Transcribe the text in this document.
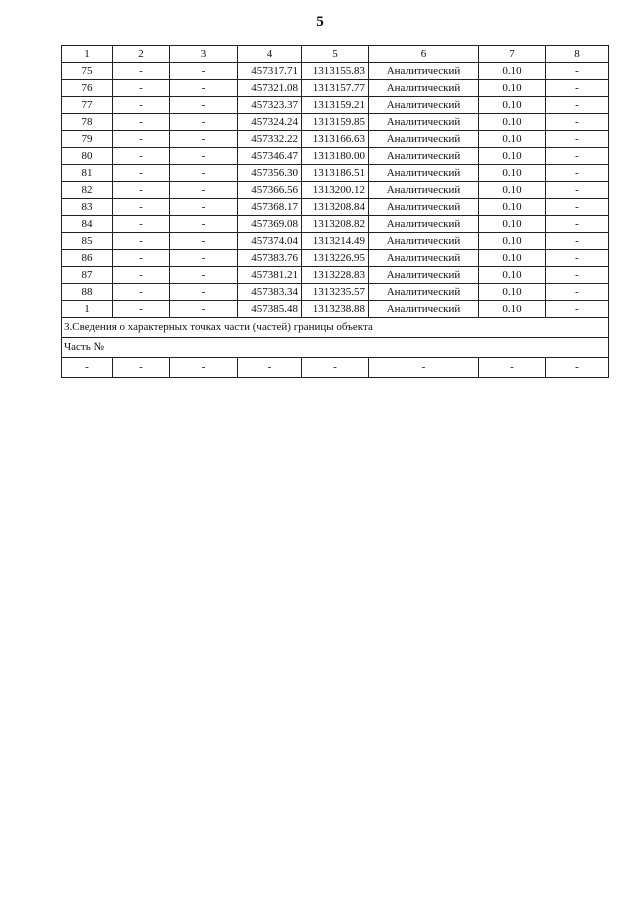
5
1	2	3	4	5	6	7	8
75	-	-	457317.71	1313155.83	Аналитический	0.10	-
76	-	-	457321.08	1313157.77	Аналитический	0.10	-
77	-	-	457323.37	1313159.21	Аналитический	0.10	-
78	-	-	457324.24	1313159.85	Аналитический	0.10	-
79	-	-	457332.22	1313166.63	Аналитический	0.10	-
80	-	-	457346.47	1313180.00	Аналитический	0.10	-
81	-	-	457356.30	1313186.51	Аналитический	0.10	-
82	-	-	457366.56	1313200.12	Аналитический	0.10	-
83	-	-	457368.17	1313208.84	Аналитический	0.10	-
84	-	-	457369.08	1313208.82	Аналитический	0.10	-
85	-	-	457374.04	1313214.49	Аналитический	0.10	-
86	-	-	457383.76	1313226.95	Аналитический	0.10	-
87	-	-	457381.21	1313228.83	Аналитический	0.10	-
88	-	-	457383.34	1313235.57	Аналитический	0.10	-
1	-	-	457385.48	1313238.88	Аналитический	0.10	-
3.Сведения о характерных точках части (частей) границы объекта							
Часть №							
-	-	-	-	-	-	-	-
